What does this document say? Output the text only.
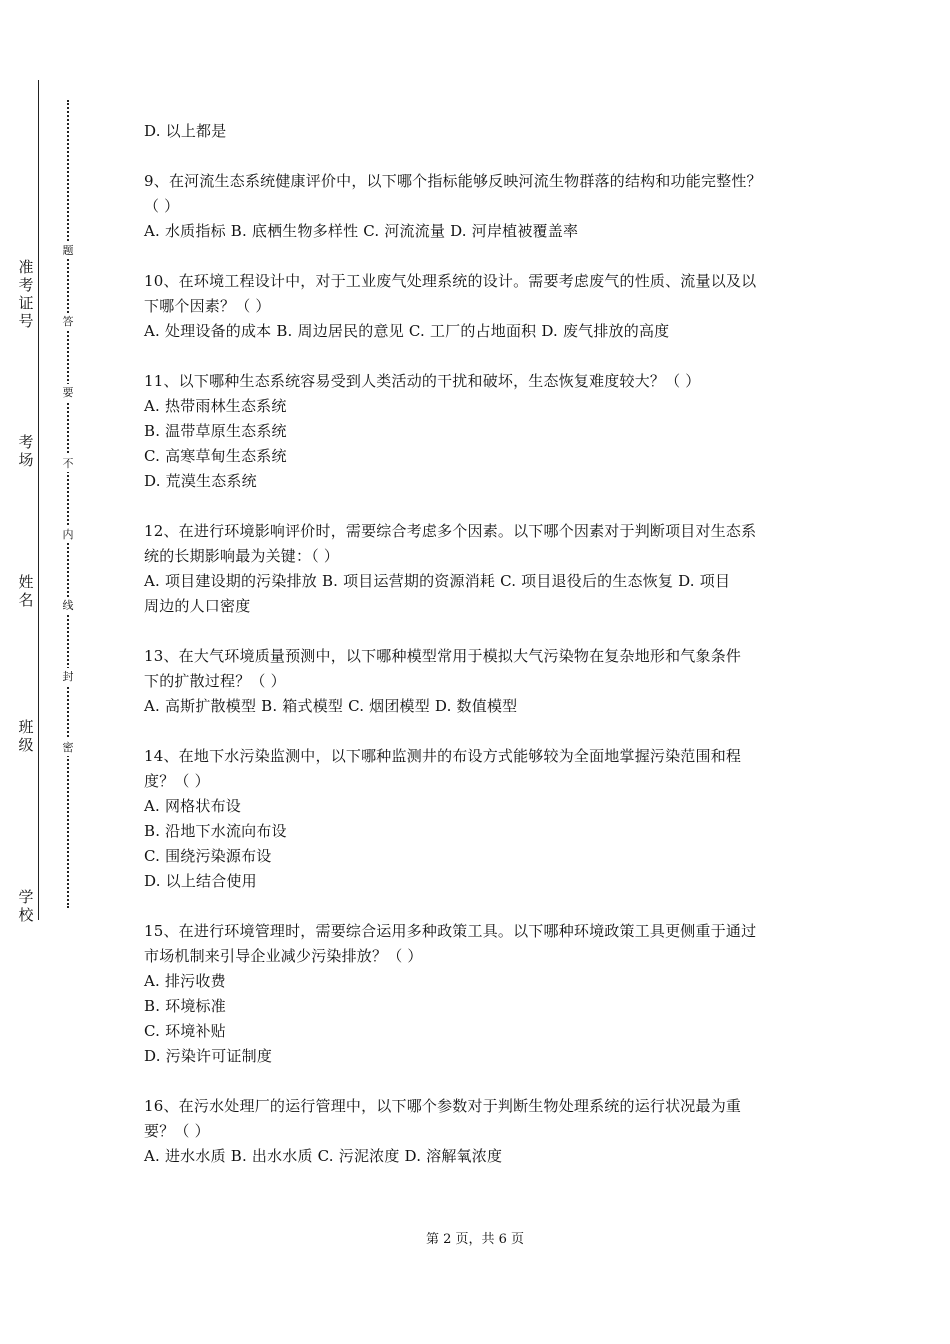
准考证号
考场
姓名
班级
学校
题
答
要
不
内
线
封
密
D. 以上都是
9、在河流生态系统健康评价中，以下哪个指标能够反映河流生物群落的结构和功能完整性？
（ ）
A. 水质指标 B. 底栖生物多样性 C. 河流流量 D. 河岸植被覆盖率
10、在环境工程设计中，对于工业废气处理系统的设计。需要考虑废气的性质、流量以及以
下哪个因素？（ ）
A. 处理设备的成本 B. 周边居民的意见 C. 工厂的占地面积 D. 废气排放的高度
11、以下哪种生态系统容易受到人类活动的干扰和破坏，生态恢复难度较大？（ ）
A. 热带雨林生态系统
B. 温带草原生态系统
C. 高寒草甸生态系统
D. 荒漠生态系统
12、在进行环境影响评价时，需要综合考虑多个因素。以下哪个因素对于判断项目对生态系
统的长期影响最为关键：（ ）
A. 项目建设期的污染排放 B. 项目运营期的资源消耗 C. 项目退役后的生态恢复 D. 项目
周边的人口密度
13、在大气环境质量预测中，以下哪种模型常用于模拟大气污染物在复杂地形和气象条件
下的扩散过程？（ ）
A. 高斯扩散模型 B. 箱式模型 C. 烟团模型 D. 数值模型
14、在地下水污染监测中，以下哪种监测井的布设方式能够较为全面地掌握污染范围和程
度？（ ）
A. 网格状布设
B. 沿地下水流向布设
C. 围绕污染源布设
D. 以上结合使用
15、在进行环境管理时，需要综合运用多种政策工具。以下哪种环境政策工具更侧重于通过
市场机制来引导企业减少污染排放？（ ）
A. 排污收费
B. 环境标准
C. 环境补贴
D. 污染许可证制度
16、在污水处理厂的运行管理中，以下哪个参数对于判断生物处理系统的运行状况最为重
要？（ ）
A. 进水水质 B. 出水水质 C. 污泥浓度 D. 溶解氧浓度
第 2 页，共 6 页
